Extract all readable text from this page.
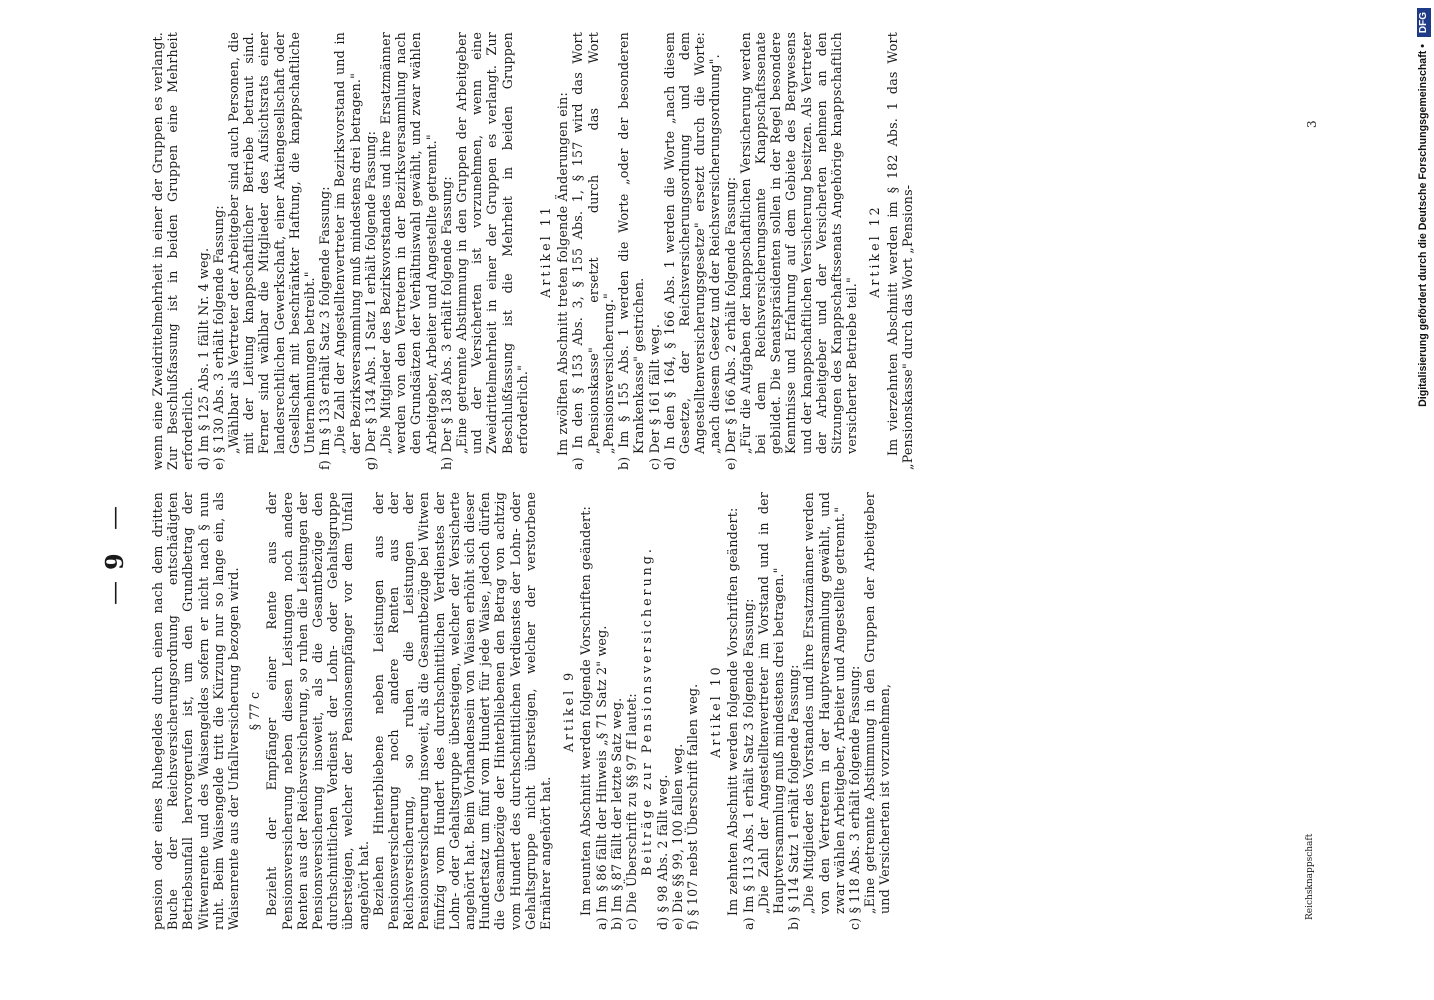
—
9
— pension oder eines Ruhegeldes durch einen nach dem dritten Buche der Reichsversicherungsordnung entschädigten Betriebsunfall hervorgerufen ist, um den Grundbetrag der Witwenrente und des Waisengeldes sofern er nicht nach § nun ruht. Beim Waisengelde tritt die Kürzung nur so lange ein, als Waisenrente aus der Unfallversicherung bezogen wird. § 77 c Bezieht der Empfänger einer Rente aus der Pensionsversicherung neben diesen Leistungen noch andere Renten aus der Reichsversicherung, so ruhen die Leistungen der Pensionsversicherung insoweit, als die Gesamtbezüge den durchschnittlichen Verdienst der Lohn- oder Gehaltsgruppe übersteigen, welcher der Pensionsempfänger vor dem Unfall angehört hat. Beziehen Hinterbliebene neben Leistungen aus der Pensionsversicherung noch andere Renten aus der Reichsversicherung, so ruhen die Leistungen der Pensionsversicherung insoweit, als die Gesamtbezüge bei Witwen fünfzig vom Hundert des durchschnittlichen Verdienstes der Lohn- oder Gehaltsgruppe übersteigen, welcher der Versicherte angehört hat. Beim Vorhandensein von Waisen erhöht sich dieser Hundertsatz um fünf vom Hundert für jede Waise, jedoch dürfen die Gesamtbezüge der Hinterbliebenen den Betrag von achtzig vom Hundert des durchschnittlichen Verdienstes der Lohn- oder Gehaltsgruppe nicht übersteigen, welcher der verstorbene Ernährer angehört hat.

Artikel 9 Im neunten Abschnitt werden folgende Vorschriften geändert: a) Im § 86 fällt der Hinweis „§ 71 Satz 2" weg. b) Im § 87 fällt der letzte Satz weg. c) Die Überschrift zu §§ 97 ff lautet: Beiträge zur Pensionsversicherung. d) § 98 Abs. 2 fällt weg. e) Die §§ 99, 100 fallen weg. f) § 107 nebst Überschrift fallen weg. Artikel 10 Im zehnten Abschnitt werden folgende Vorschriften geändert: a) Im § 113 Abs. 1 erhält Satz 3 folgende Fassung: „Die Zahl der Angestelltenvertreter im Vorstand und in der Hauptversammlung muß mindestens drei betragen." b) § 114 Satz 1 erhält folgende Fassung: „Die Mitglieder des Vorstandes und ihre Ersatzmänner werden von den Vertretern in der Hauptversammlung gewählt, und zwar wählen Arbeitgeber, Arbeiter und Angestellte getrennt." c) § 118 Abs. 3 erhält folgende Fassung: „Eine getrennte Abstimmung in den Gruppen der Arbeitgeber und Versicherten ist vorzunehmen,

wenn eine Zweidrittelmehrheit in einer der Gruppen es verlangt. Zur Beschlußfassung ist in beiden Gruppen eine Mehrheit erforderlich. d) Im § 125 Abs. 1 fällt Nr. 4 weg. e) § 130 Abs. 3 erhält folgende Fassung: „Wählbar als Vertreter der Arbeitgeber sind auch Personen, die mit der Leitung knappschaftlicher Betriebe betraut sind. Ferner sind wählbar die Mitglieder des Aufsichtsrats einer landesrechtlichen Gewerkschaft, einer Aktiengesellschaft oder Gesellschaft mit beschränkter Haftung, die knappschaftliche Unternehmungen betreibt." f) Im § 133 erhält Satz 3 folgende Fassung: „Die Zahl der Angestelltenvertreter im Bezirksvorstand und in der Bezirksversammlung muß mindestens drei betragen." g) Der § 134 Abs. 1 Satz 1 erhält folgende Fassung: „Die Mitglieder des Bezirksvorstandes und ihre Ersatzmänner werden von den Vertretern in der Bezirksversammlung nach den Grundsätzen der Verhältniswahl gewählt, und zwar wählen Arbeitgeber, Arbeiter und Angestellte getrennt." h) Der § 138 Abs. 3 erhält folgende Fassung: „Eine getrennte Abstimmung in den Gruppen der Arbeitgeber und der Versicherten ist vorzunehmen, wenn eine Zweidrittelmehrheit in einer der Gruppen es verlangt. Zur Beschlußfassung ist die Mehrheit in beiden Gruppen erforderlich."

Artikel 11 Im zwölften Abschnitt treten folgende Änderungen ein: a) In den § 153 Abs. 3, § 155 Abs. 1, § 157 wird das Wort „Pensionskasse" ersetzt durch das Wort „Pensionsversicherung." b) Im § 155 Abs. 1 werden die Worte „oder der besonderen Krankenkasse" gestrichen. c) Der § 161 fällt weg. d) In den § 164, § 166 Abs. 1 werden die Worte „nach diesem Gesetze, der Reichsversicherungsordnung und dem Angestelltenversicherungsgesetze" ersetzt durch die Worte: „nach diesem Gesetz und der Reichsversicherungsordnung". e) Der § 166 Abs. 2 erhält folgende Fassung: „Für die Aufgaben der knappschaftlichen Versicherung werden bei dem Reichsversicherungsamte Knappschaftssenate gebildet. Die Senatspräsidenten sollen in der Regel besondere Kenntnisse und Erfahrung auf dem Gebiete des Bergwesens und der knappschaftlichen Versicherung besitzen. Als Vertreter der Arbeitgeber und der Versicherten nehmen an den Sitzungen des Knappschaftssenats Angehörige knappschaftlich versicherter Betriebe teil."

Artikel 12 Im vierzehnten Abschnitt werden im § 182 Abs. 1 das Wort „Pensionskasse" durch das Wort „Pensions-

Reichsknappschaft
3	Digitalisierung gefördert durch die Deutsche Forschungsgemeinschaft • DFG
